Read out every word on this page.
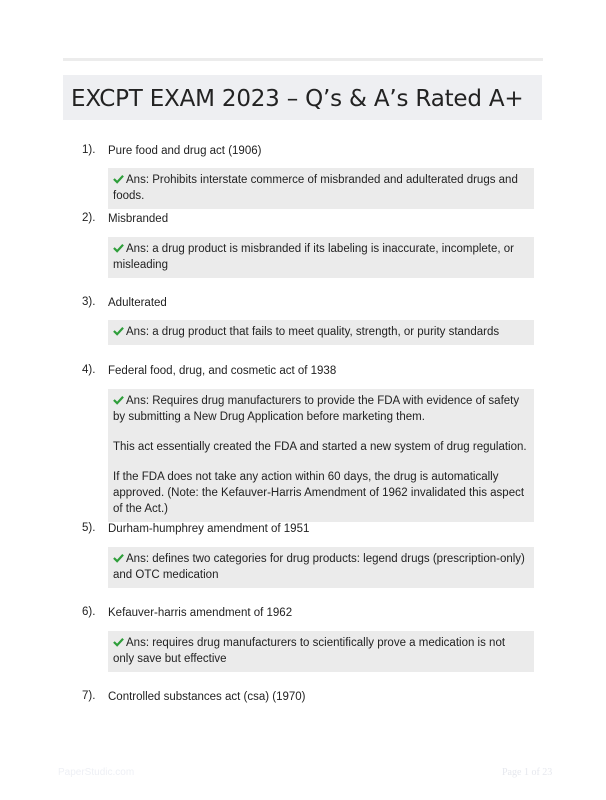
EXCPT EXAM 2023 – Q’s & A’s Rated A+
1). Pure food and drug act (1906)

Ans: Prohibits interstate commerce of misbranded and adulterated drugs and foods.

2). Misbranded

Ans: a drug product is misbranded if its labeling is inaccurate, incomplete, or misleading

3). Adulterated

Ans: a drug product that fails to meet quality, strength, or purity standards

4). Federal food, drug, and cosmetic act of 1938

Ans: Requires drug manufacturers to provide the FDA with evidence of safety by submitting a New Drug Application before marketing them.

This act essentially created the FDA and started a new system of drug regulation.

If the FDA does not take any action within 60 days, the drug is automatically approved. (Note: the Kefauver-Harris Amendment of 1962 invalidated this aspect of the Act.)

5). Durham-humphrey amendment of 1951

Ans: defines two categories for drug products: legend drugs (prescription-only) and OTC medication

6). Kefauver-harris amendment of 1962

Ans: requires drug manufacturers to scientifically prove a medication is not only save but effective

7). Controlled substances act (csa) (1970)
PaperStudic.com	Page 1 of 23
